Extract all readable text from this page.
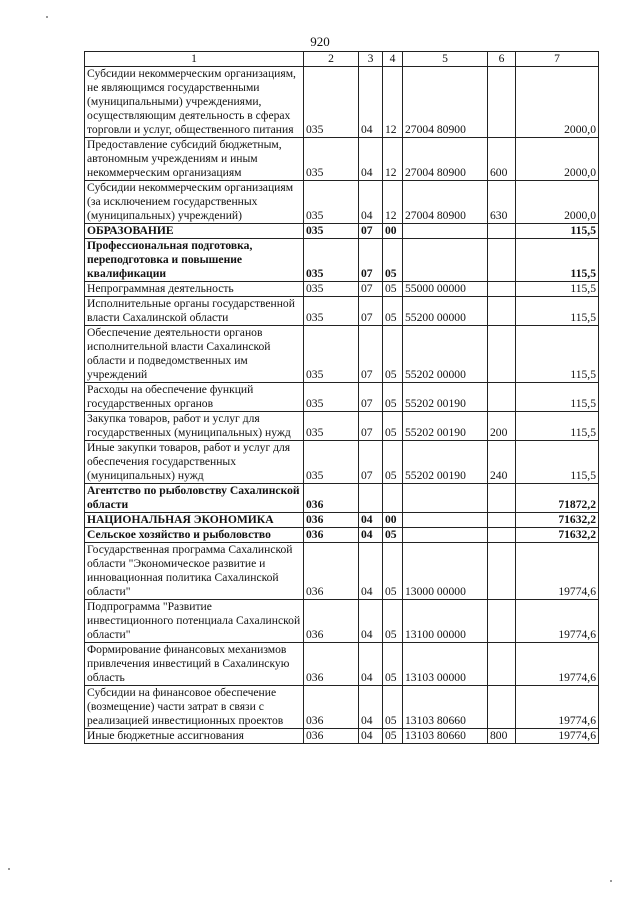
920
1	2	3	4	5	6	7
Субсидии некоммерческим организациям, не являющимся государственными (муниципальными) учреждениями, осуществляющим деятельность в сферах торговли и услуг, общественного питания	035	04	12	27004 80900		2000,0
Предоставление субсидий бюджетным, автономным учреждениям и иным некоммерческим организациям	035	04	12	27004 80900	600	2000,0
Субсидии некоммерческим организациям (за исключением государственных (муниципальных) учреждений)	035	04	12	27004 80900	630	2000,0
ОБРАЗОВАНИЕ	035	07	00			115,5
Профессиональная подготовка, переподготовка и повышение квалификации	035	07	05			115,5
Непрограммная деятельность	035	07	05	55000 00000		115,5
Исполнительные органы государственной власти Сахалинской области	035	07	05	55200 00000		115,5
Обеспечение деятельности органов исполнительной власти Сахалинской области и подведомственных им учреждений	035	07	05	55202 00000		115,5
Расходы на обеспечение функций государственных органов	035	07	05	55202 00190		115,5
Закупка товаров, работ и услуг для государственных (муниципальных) нужд	035	07	05	55202 00190	200	115,5
Иные закупки товаров, работ и услуг для обеспечения государственных (муниципальных) нужд	035	07	05	55202 00190	240	115,5
Агентство по рыболовству Сахалинской области	036					71872,2
НАЦИОНАЛЬНАЯ ЭКОНОМИКА	036	04	00			71632,2
Сельское хозяйство и рыболовство	036	04	05			71632,2
Государственная программа Сахалинской области "Экономическое развитие и инновационная политика Сахалинской области"	036	04	05	13000 00000		19774,6
Подпрограмма "Развитие инвестиционного потенциала Сахалинской области"	036	04	05	13100 00000		19774,6
Формирование финансовых механизмов привлечения инвестиций в Сахалинскую область	036	04	05	13103 00000		19774,6
Субсидии на финансовое обеспечение (возмещение) части затрат в связи с реализацией инвестиционных проектов	036	04	05	13103 80660		19774,6
Иные бюджетные ассигнования	036	04	05	13103 80660	800	19774,6
